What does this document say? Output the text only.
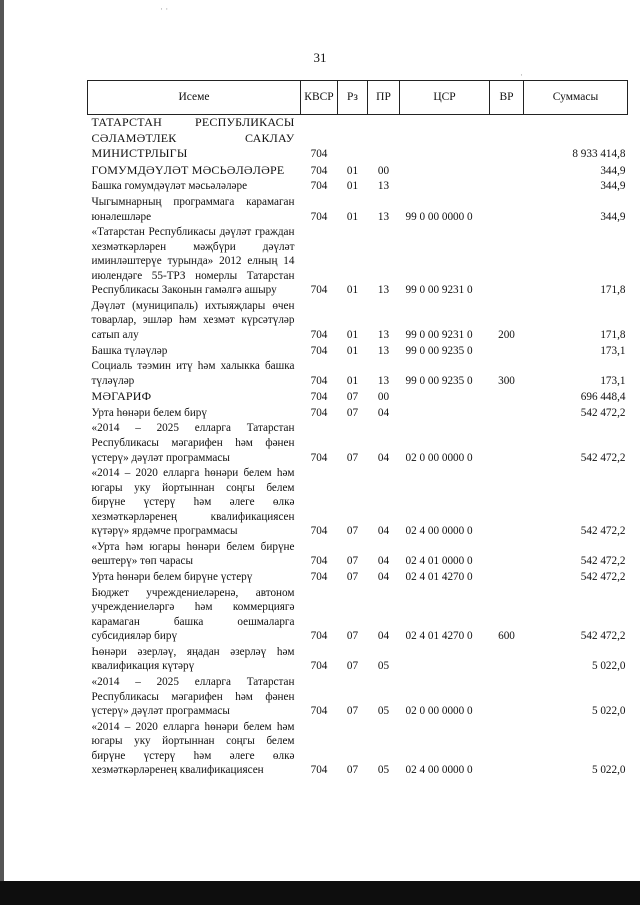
· ·
·
31
Исеме	КВСР	Рз	ПР	ЦСР	ВР	Суммасы
ТАТАРСТАН РЕСПУБЛИКАСЫ СӘЛАМӘТЛЕК САКЛАУ МИНИСТРЛЫГЫ	704					8 933 414,8
ГОМУМДӘҮЛӘТ МӘСЬӘЛӘЛӘРЕ	704	01	00			344,9
Башка гомумдәүләт мәсьәләләре	704	01	13			344,9
Чыгымнарның программага карамаган юнәлешләре	704	01	13	99 0 00 0000 0		344,9
«Татарстан Республикасы дәүләт граждан хезмәткәрләрен мәҗбүри дәүләт иминләштерүе турында» 2012 елның 14 июлендәге 55-ТРЗ номерлы Татарстан Республикасы Законын гамәлгә ашыру	704	01	13	99 0 00 9231 0		171,8
Дәүләт (муниципаль) ихтыяҗлары өчен товарлар, эшләр һәм хезмәт күрсәтүләр сатып алу	704	01	13	99 0 00 9231 0	200	171,8
Башка түләүләр	704	01	13	99 0 00 9235 0		173,1
Социаль тәэмин итү һәм халыкка башка түләүләр	704	01	13	99 0 00 9235 0	300	173,1
МӘГАРИФ	704	07	00			696 448,4
Урта һөнәри белем бирү	704	07	04			542 472,2
«2014 – 2025 елларга Татарстан Республикасы мәгарифен һәм фәнен үстерү» дәүләт программасы	704	07	04	02 0 00 0000 0		542 472,2
«2014 – 2020 елларга һөнәри белем һәм югары уку йортыннан соңгы белем бирүне үстерү һәм әлеге өлкә хезмәткәрләренең квалификациясен күтәрү» ярдәмче программасы	704	07	04	02 4 00 0000 0		542 472,2
«Урта һәм югары һөнәри белем бирүне өештерү» төп чарасы	704	07	04	02 4 01 0000 0		542 472,2
Урта һөнәри белем бирүне үстерү	704	07	04	02 4 01 4270 0		542 472,2
Бюджет учреждениеләренә, автоном учреждениеләргә һәм коммерциягә карамаган башка оешмаларга субсидияләр бирү	704	07	04	02 4 01 4270 0	600	542 472,2
Һөнәри әзерләү, яңадан әзерләү һәм квалификация күтәрү	704	07	05			5 022,0
«2014 – 2025 елларга Татарстан Республикасы мәгарифен һәм фәнен үстерү» дәүләт программасы	704	07	05	02 0 00 0000 0		5 022,0
«2014 – 2020 елларга һөнәри белем һәм югары уку йортыннан соңгы белем бирүне үстерү һәм әлеге өлкә хезмәткәрләренең квалификациясен	704	07	05	02 4 00 0000 0		5 022,0
